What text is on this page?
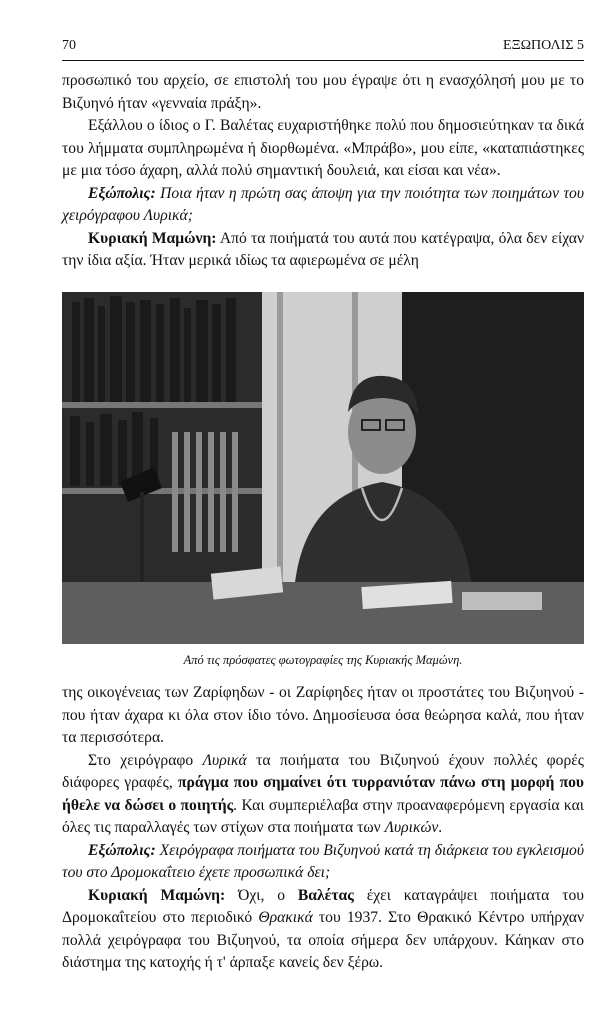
70	ΕΞΩΠΟΛΙΣ 5

προσωπικό του αρχείο, σε επιστολή του μου έγραψε ότι η ενασχόλησή μου με το Βιζυηνό ήταν «γενναία πράξη».

Εξάλλου ο ίδιος ο Γ. Βαλέτας ευχαριστήθηκε πολύ που δημοσιεύτηκαν τα δικά του λήμματα συμπληρωμένα ή διορθωμένα. «Μπράβο», μου είπε, «καταπιάστηκες με μια τόσο άχαρη, αλλά πολύ σημαντική δουλειά, και είσαι και νέα».

Εξώπολις: Ποια ήταν η πρώτη σας άποψη για την ποιότητα των ποιημάτων του χειρόγραφου Λυρικά;

Κυριακή Μαμώνη: Από τα ποιήματά του αυτά που κατέγραψα, όλα δεν είχαν την ίδια αξία. Ήταν μερικά ιδίως τα αφιερωμένα σε μέλη

Από τις πρόσφατες φωτογραφίες της Κυριακής Μαμώνη.

της οικογένειας των Ζαρίφηδων - οι Ζαρίφηδες ήταν οι προστάτες του Βιζυηνού - που ήταν άχαρα κι όλα στον ίδιο τόνο. Δημοσίευσα όσα θεώρησα καλά, που ήταν τα περισσότερα.

Στο χειρόγραφο Λυρικά τα ποιήματα του Βιζυηνού έχουν πολλές φορές διάφορες γραφές, πράγμα που σημαίνει ότι τυρρανιόταν πάνω στη μορφή που ήθελε να δώσει ο ποιητής. Και συμπεριέλαβα στην προαναφερόμενη εργασία και όλες τις παραλλαγές των στίχων στα ποιήματα των Λυρικών.

Εξώπολις: Χειρόγραφα ποιήματα του Βιζυηνού κατά τη διάρκεια του εγκλεισμού του στο Δρομοκαΐτειο έχετε προσωπικά δει;

Κυριακή Μαμώνη: Όχι, ο Βαλέτας έχει καταγράψει ποιήματα του Δρομοκαΐτείου στο περιοδικό Θρακικά του 1937. Στο Θρακικό Κέντρο υπήρχαν πολλά χειρόγραφα του Βιζυηνού, τα οποία σήμερα δεν υπάρχουν. Κάηκαν στο διάστημα της κατοχής ή τ' άρπαξε κανείς δεν ξέρω.
